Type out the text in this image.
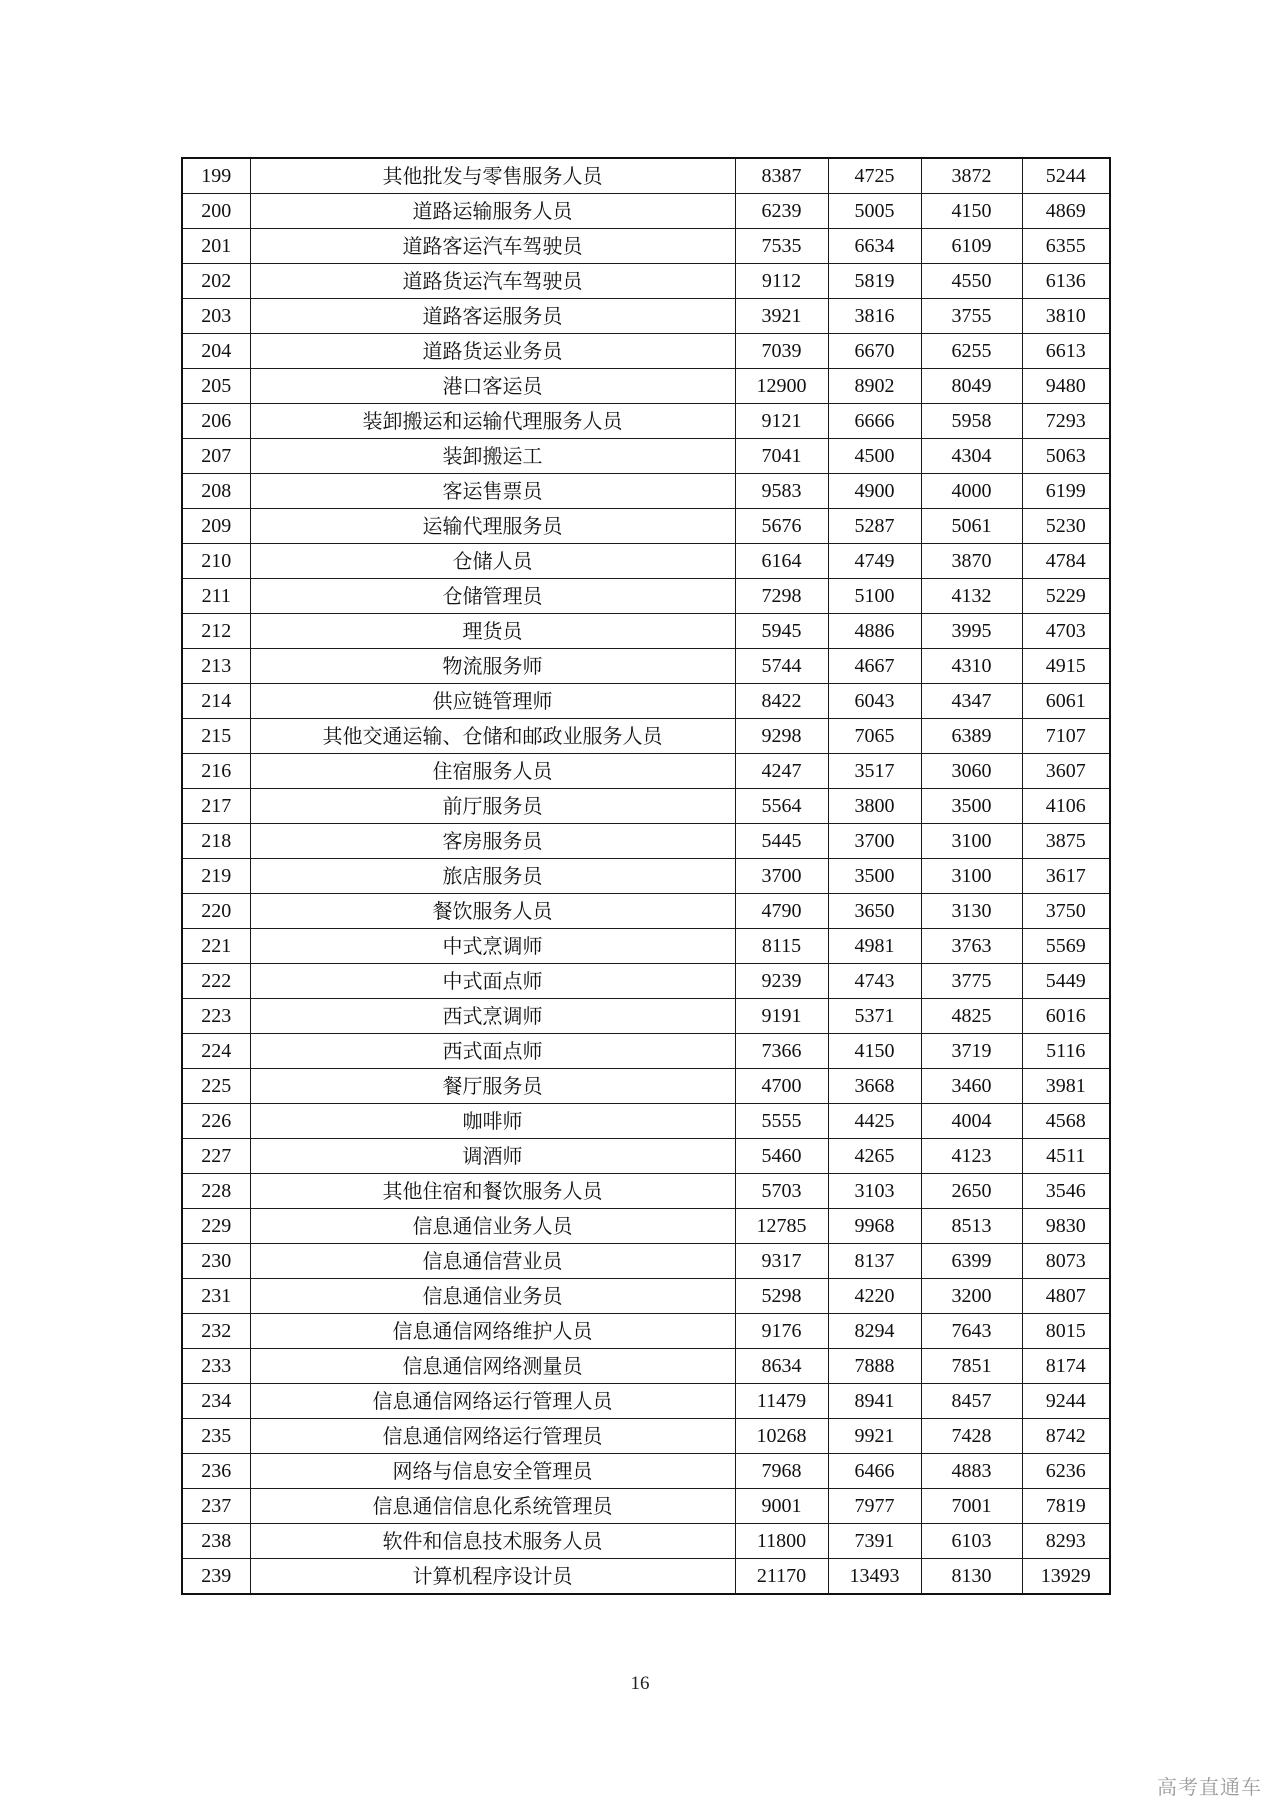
199	其他批发与零售服务人员	8387	4725	3872	5244
200	道路运输服务人员	6239	5005	4150	4869
201	道路客运汽车驾驶员	7535	6634	6109	6355
202	道路货运汽车驾驶员	9112	5819	4550	6136
203	道路客运服务员	3921	3816	3755	3810
204	道路货运业务员	7039	6670	6255	6613
205	港口客运员	12900	8902	8049	9480
206	装卸搬运和运输代理服务人员	9121	6666	5958	7293
207	装卸搬运工	7041	4500	4304	5063
208	客运售票员	9583	4900	4000	6199
209	运输代理服务员	5676	5287	5061	5230
210	仓储人员	6164	4749	3870	4784
211	仓储管理员	7298	5100	4132	5229
212	理货员	5945	4886	3995	4703
213	物流服务师	5744	4667	4310	4915
214	供应链管理师	8422	6043	4347	6061
215	其他交通运输、仓储和邮政业服务人员	9298	7065	6389	7107
216	住宿服务人员	4247	3517	3060	3607
217	前厅服务员	5564	3800	3500	4106
218	客房服务员	5445	3700	3100	3875
219	旅店服务员	3700	3500	3100	3617
220	餐饮服务人员	4790	3650	3130	3750
221	中式烹调师	8115	4981	3763	5569
222	中式面点师	9239	4743	3775	5449
223	西式烹调师	9191	5371	4825	6016
224	西式面点师	7366	4150	3719	5116
225	餐厅服务员	4700	3668	3460	3981
226	咖啡师	5555	4425	4004	4568
227	调酒师	5460	4265	4123	4511
228	其他住宿和餐饮服务人员	5703	3103	2650	3546
229	信息通信业务人员	12785	9968	8513	9830
230	信息通信营业员	9317	8137	6399	8073
231	信息通信业务员	5298	4220	3200	4807
232	信息通信网络维护人员	9176	8294	7643	8015
233	信息通信网络测量员	8634	7888	7851	8174
234	信息通信网络运行管理人员	11479	8941	8457	9244
235	信息通信网络运行管理员	10268	9921	7428	8742
236	网络与信息安全管理员	7968	6466	4883	6236
237	信息通信信息化系统管理员	9001	7977	7001	7819
238	软件和信息技术服务人员	11800	7391	6103	8293
239	计算机程序设计员	21170	13493	8130	13929
16
高考直通车
